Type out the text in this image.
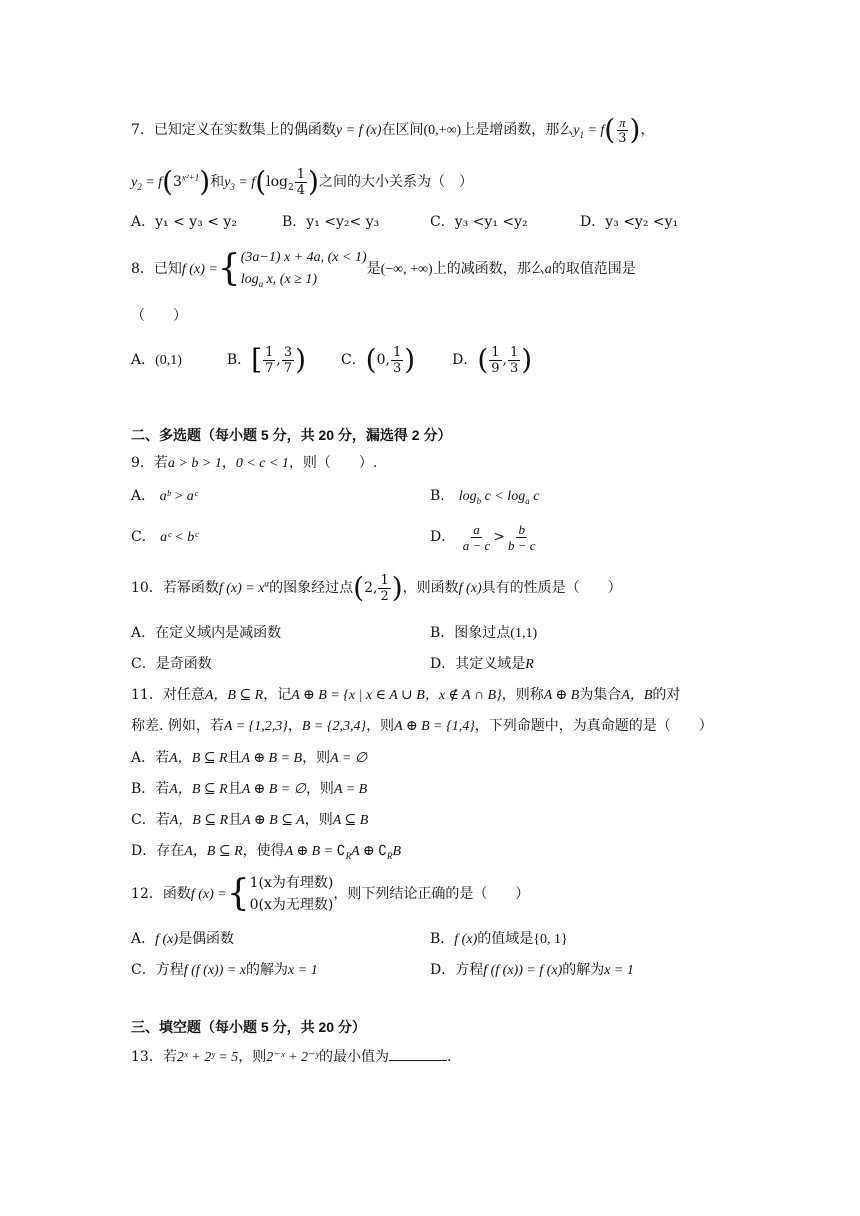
7．已知定义在实数集上的偶函数y = f (x)在区间(0,+∞)上是增函数，那么$y_1 = f( \frac{\pi}{3}$ )，
$y_2 = f(3^{x^2+1})$和$y_3 = f(\log_2 \frac{1}{4}$ )之间的大小关系为（　）
A．y₁ < y₃ < y₂	B．y₁ <y₂< y₃	C．y₃ <y₁ <y₂	D．y₃ <y₂ <y₁
8．已知f (x) ={ (3a−1) x + 4a, (x < 1)
$\log_a x$, (x ≥ 1)
是(−∞, +∞)上的减函数，那么a的取值范围是
（　　）
A．(0,1)	B．[ $\frac{1}{7}$ , $\frac{3}{7}$ ) C．(0, $\frac{1}{3}$ )	D．( $\frac{1}{9}$ , $\frac{1}{3}$ )
二、多选题（每小题 5 分，共 20 分，漏选得 2 分）
9．若a > b > 1，0 < c < 1，则（　　）.
A． aᵇ > aᶜ	B． $\log_b c < \log_a c$
C． aᶜ < bᶜ	D． $\frac{a}{a - c} > \frac{b}{b - c}$
10．若幂函数f $(x) = x^\alpha$的图象经过点(2, $\frac{1}{2}$ )，则函数f (x)具有的性质是（　　）
A．在定义域内是减函数	B．图象过点(1,1)
C．是奇函数	D．其定义域是R
11．对任意A，B ⊆ R，记A ⊕ B = {x | x ∈ A ∪ B，x ∉ A ∩ B}，则称A ⊕ B为集合A，B的对
称差. 例如，若A = {1,2,3}，B = {2,3,4}，则A ⊕ B = {1,4}，下列命题中，为真命题的是（　　）
A．若A，B ⊆ R且A ⊕ B = B，则A = ∅
B．若A，B ⊆ R且A ⊕ B = ∅，则A = B
C．若A，B ⊆ R且A ⊕ B ⊆ A，则A ⊆ B
D．存在A，B ⊆ R，使得A ⊕ $B = ∁_RA$ ⊕ $∁_RB$
12．函数f (x) ={ 1(x为有理数)
0(x为无理数)
，则下列结论正确的是（　　）
A．f (x)是偶函数	B．f (x)的值域是{0, 1}
C．方程f (f (x)) = x的解为x = 1	D．方程f (f (x)) = f (x)的解为x = 1
三、填空题（每小题 5 分，共 20 分）
13．若2ˣ + 2ʸ = 5，则2⁻ˣ + 2⁻ʸ的最小值为	.
